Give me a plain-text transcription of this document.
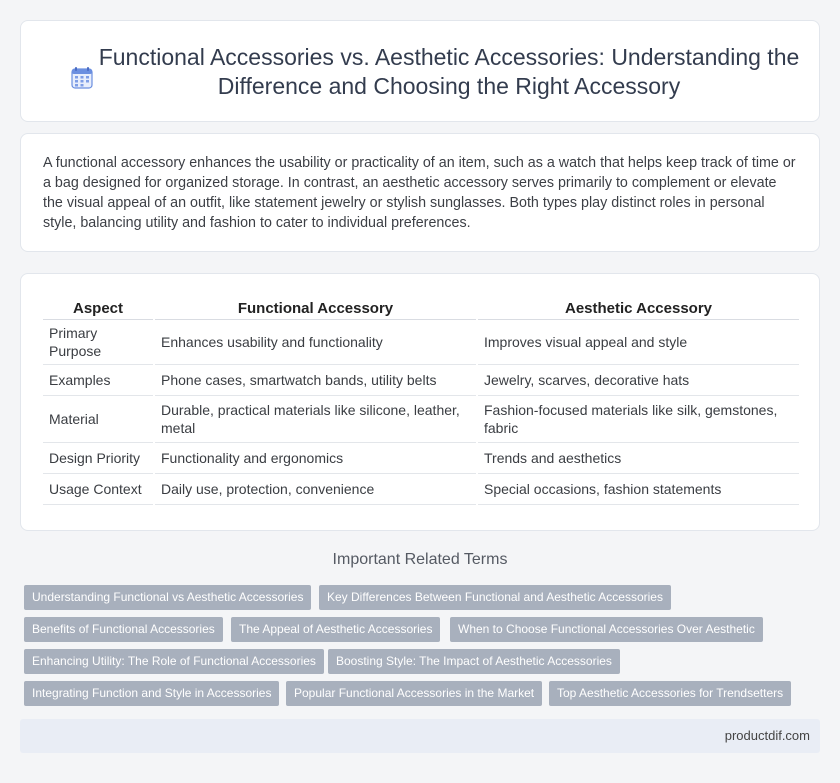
Functional Accessories vs. Aesthetic Accessories: Understanding the Difference and Choosing the Right Accessory

A functional accessory enhances the usability or practicality of an item, such as a watch that helps keep track of time or a bag designed for organized storage. In contrast, an aesthetic accessory serves primarily to complement or elevate the visual appeal of an outfit, like statement jewelry or stylish sunglasses. Both types play distinct roles in personal style, balancing utility and fashion to cater to individual preferences.

Aspect	Functional Accessory	Aesthetic Accessory
Primary Purpose	Enhances usability and functionality	Improves visual appeal and style
Examples	Phone cases, smartwatch bands, utility belts	Jewelry, scarves, decorative hats
Material	Durable, practical materials like silicone, leather, metal	Fashion-focused materials like silk, gemstones, fabric
Design Priority	Functionality and ergonomics	Trends and aesthetics
Usage Context	Daily use, protection, convenience	Special occasions, fashion statements
Important Related Terms
Understanding Functional vs Aesthetic Accessories	Key Differences Between Functional and Aesthetic Accessories
Benefits of Functional Accessories	The Appeal of Aesthetic Accessories	When to Choose Functional Accessories Over Aesthetic
Enhancing Utility: The Role of Functional Accessories	Boosting Style: The Impact of Aesthetic Accessories
Integrating Function and Style in Accessories	Popular Functional Accessories in the Market	Top Aesthetic Accessories for Trendsetters
productdif.com
